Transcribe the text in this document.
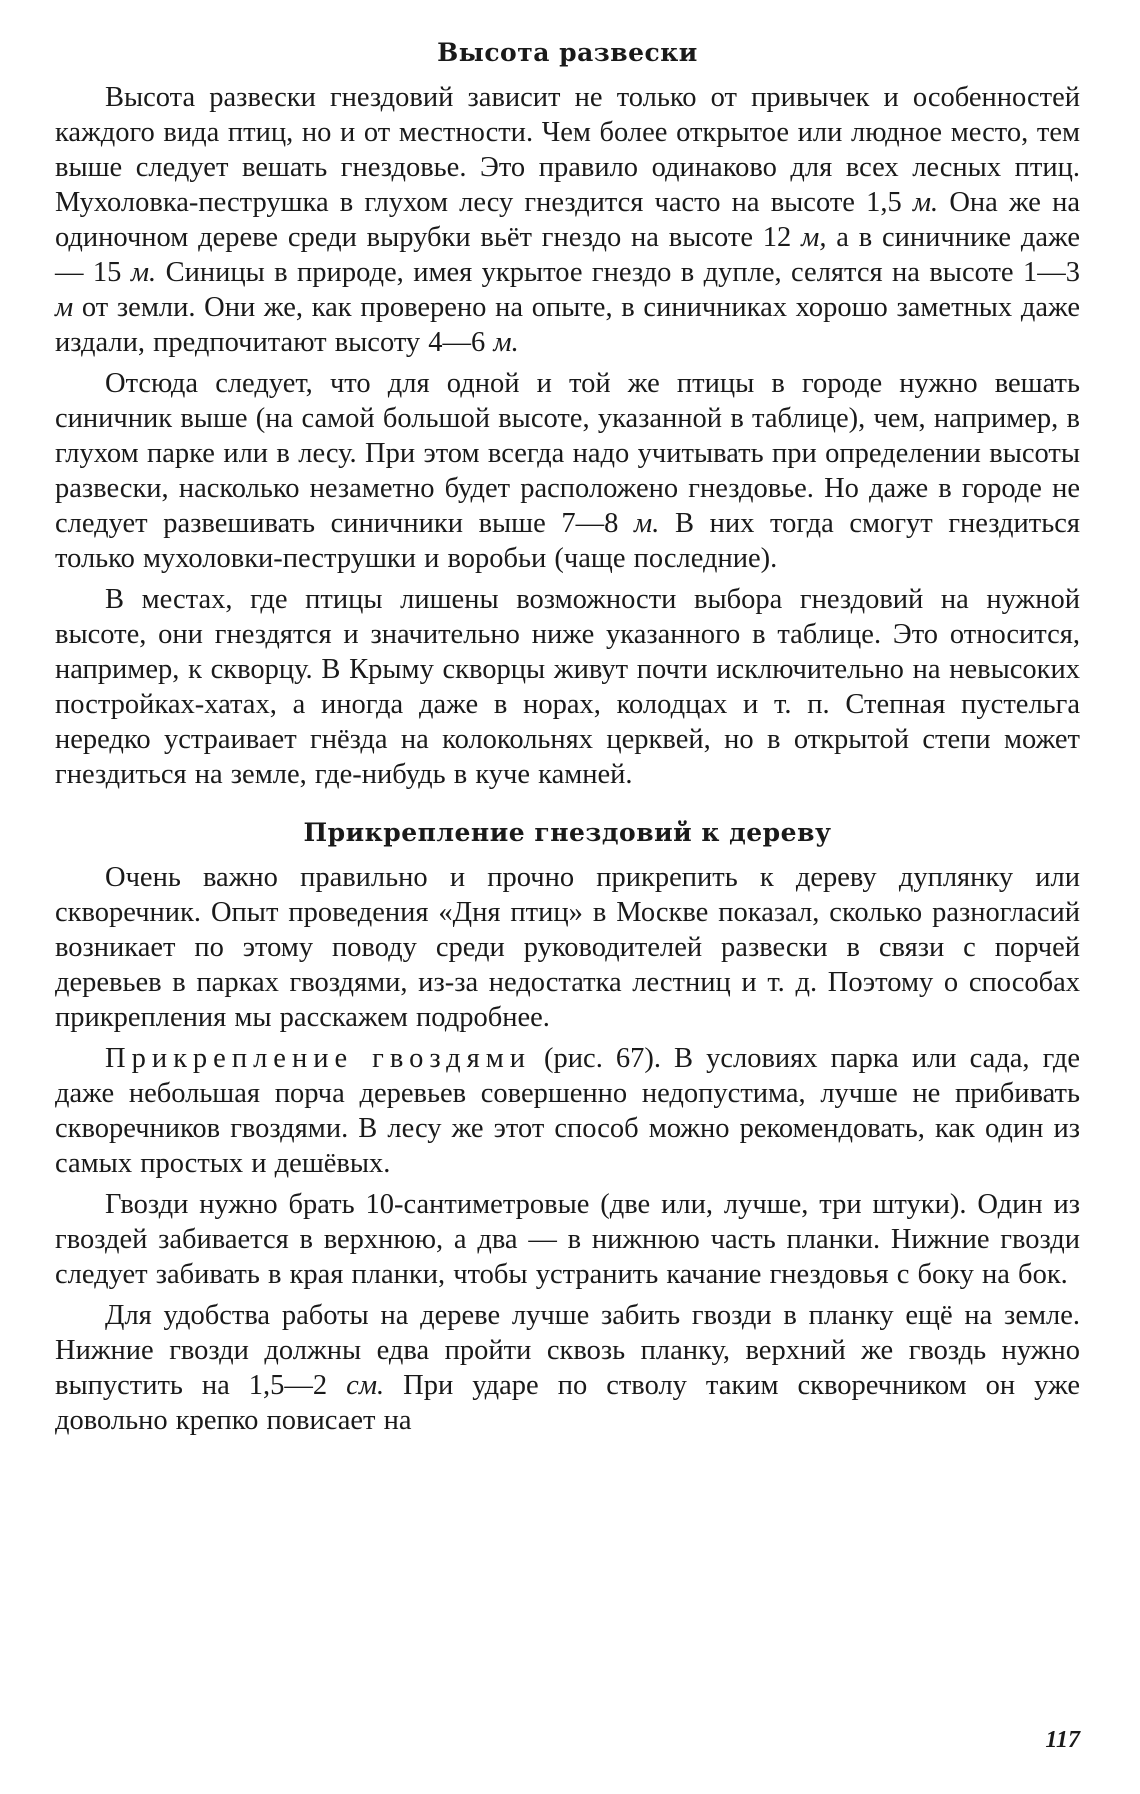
Высота развески

Высота развески гнездовий зависит не только от привычек и особенностей каждого вида птиц, но и от местности. Чем более открытое или людное место, тем выше следует вешать гнездовье. Это правило одинаково для всех лесных птиц. Мухоловка-пеструшка в глухом лесу гнездится часто на высоте 1,5 м. Она же на одиночном дереве среди вырубки вьёт гнездо на высоте 12 м, а в синичнике даже — 15 м. Синицы в природе, имея укрытое гнездо в дупле, селятся на высоте 1—3 м от земли. Они же, как проверено на опыте, в синичниках хорошо заметных даже издали, предпочитают высоту 4—6 м.

Отсюда следует, что для одной и той же птицы в городе нужно вешать синичник выше (на самой большой высоте, указанной в таблице), чем, например, в глухом парке или в лесу. При этом всегда надо учитывать при определении высоты развески, насколько незаметно будет расположено гнездовье. Но даже в городе не следует развешивать синичники выше 7—8 м. В них тогда смогут гнездиться только мухоловки-пеструшки и воробьи (чаще последние).

В местах, где птицы лишены возможности выбора гнездовий на нужной высоте, они гнездятся и значительно ниже указанного в таблице. Это относится, например, к скворцу. В Крыму скворцы живут почти исключительно на невысоких постройках-хатах, а иногда даже в норах, колодцах и т. п. Степная пустельга нередко устраивает гнёзда на колокольнях церквей, но в открытой степи может гнездиться на земле, где-нибудь в куче камней.

Прикрепление гнездовий к дереву

Очень важно правильно и прочно прикрепить к дереву дуплянку или скворечник. Опыт проведения «Дня птиц» в Москве показал, сколько разногласий возникает по этому поводу среди руководителей развески в связи с порчей деревьев в парках гвоздями, из-за недостатка лестниц и т. д. Поэтому о способах прикрепления мы расскажем подробнее.

Прикрепление гвоздями (рис. 67). В условиях парка или сада, где даже небольшая порча деревьев совершенно недопустима, лучше не прибивать скворечников гвоздями. В лесу же этот способ можно рекомендовать, как один из самых простых и дешёвых.

Гвозди нужно брать 10-сантиметровые (две или, лучше, три штуки). Один из гвоздей забивается в верхнюю, а два — в нижнюю часть планки. Нижние гвозди следует забивать в края планки, чтобы устранить качание гнездовья с боку на бок.

Для удобства работы на дереве лучше забить гвозди в планку ещё на земле. Нижние гвозди должны едва пройти сквозь планку, верхний же гвоздь нужно выпустить на 1,5—2 см. При ударе по стволу таким скворечником он уже довольно крепко повисает на

117
